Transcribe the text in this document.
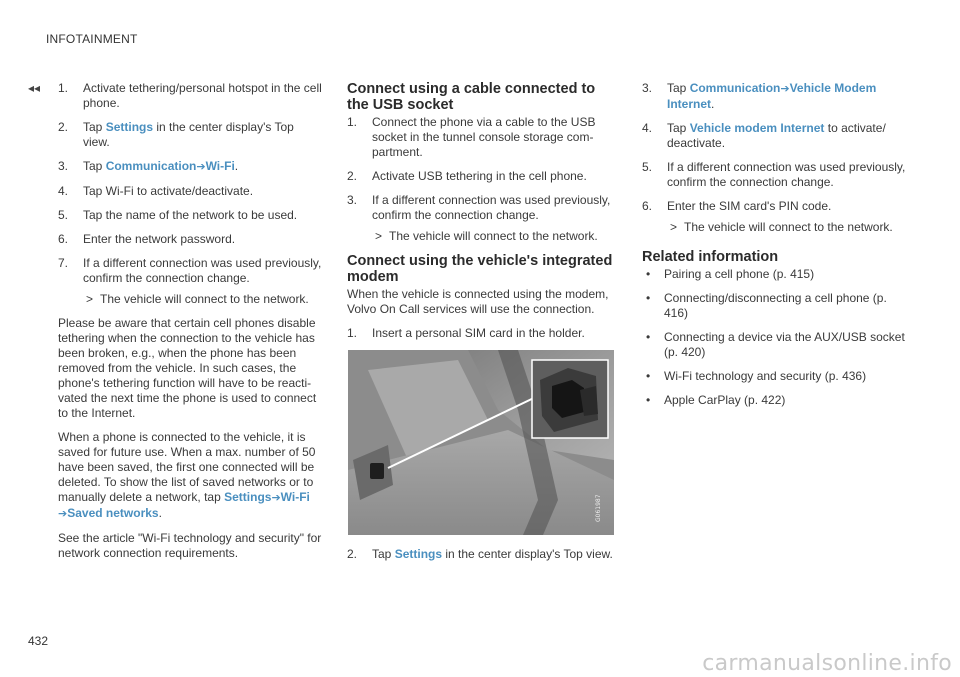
INFOTAINMENT
◂◂ 1. Activate tethering/personal hotspot in the cell phone.
2. Tap Settings in the center display's Top view.
3. Tap Communication➔Wi-Fi.
4. Tap Wi-Fi to activate/deactivate.
5. Tap the name of the network to be used.
6. Enter the network password.
7. If a different connection was used previously, confirm the connection change.
> The vehicle will connect to the network.

Please be aware that certain cell phones disable tethering when the connection to the vehicle has been broken, e.g., when the phone has been removed from the vehicle. In such cases, the phone's tethering function will have to be reacti-vated the next time the phone is used to connect to the Internet.

When a phone is connected to the vehicle, it is saved for future use. When a max. number of 50 have been saved, the first one connected will be deleted. To show the list of saved networks or to manually delete a network, tap Settings➔Wi-Fi
➔Saved networks.

See the article "Wi-Fi technology and security" for network connection requirements.

Connect using a cable connected to the USB socket
1. Connect the phone via a cable to the USB socket in the tunnel console storage com-partment.
2. Activate USB tethering in the cell phone.
3. If a different connection was used previously, confirm the connection change.
> The vehicle will connect to the network.
Connect using the vehicle's integrated modem

When the vehicle is connected using the modem, Volvo On Call services will use the connection.

1. Insert a personal SIM card in the holder.
G061987
2. Tap Settings in the center display's Top view.
3. Tap Communication➔Vehicle Modem Internet.
4. Tap Vehicle modem Internet to activate/ deactivate.
5. If a different connection was used previously, confirm the connection change.
6. Enter the SIM card's PIN code.
> The vehicle will connect to the network.
Related information
• Pairing a cell phone (p. 415)
• Connecting/disconnecting a cell phone (p. 416)
• Connecting a device via the AUX/USB socket (p. 420)
• Wi-Fi technology and security (p. 436)
• Apple CarPlay (p. 422)
432
carmanualsonline.info
